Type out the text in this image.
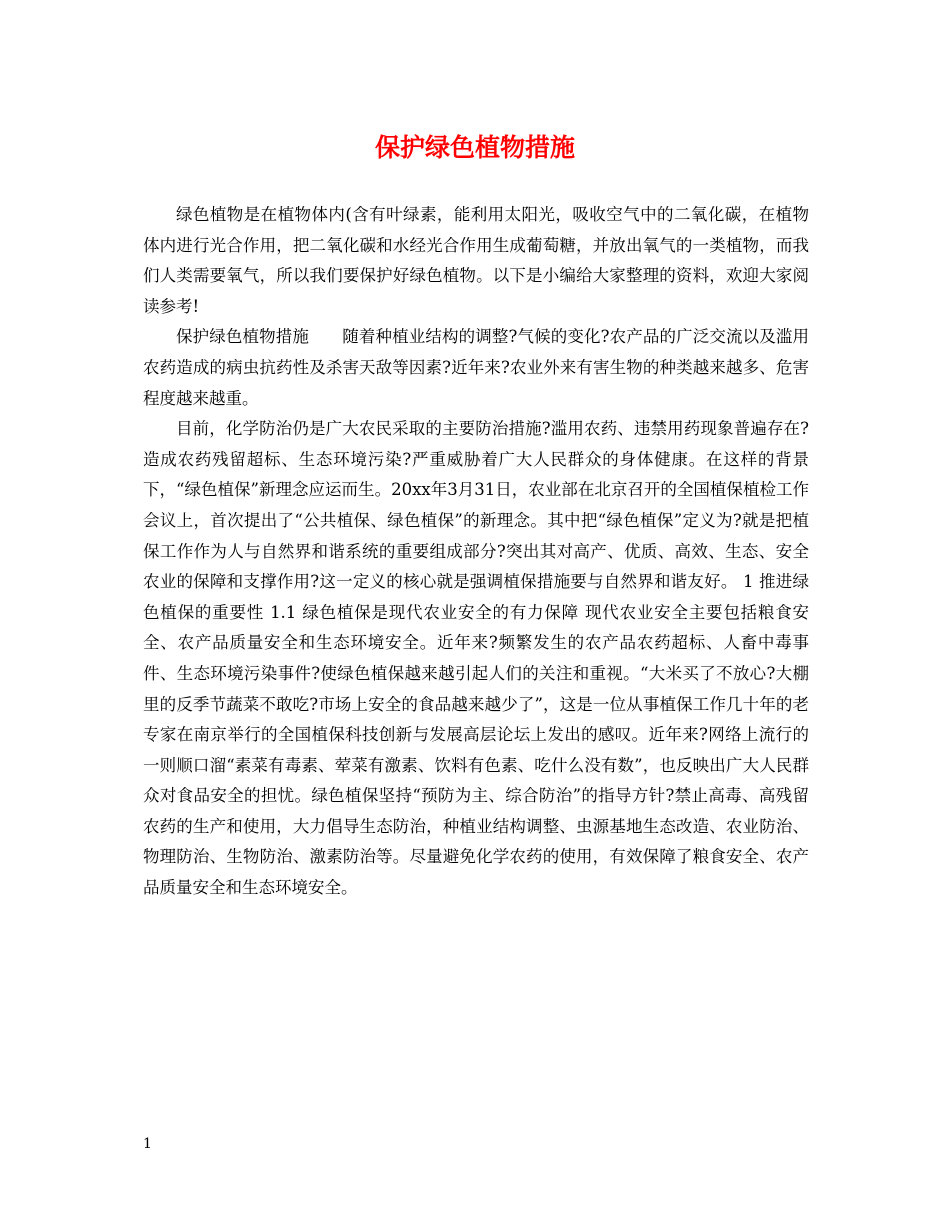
保护绿色植物措施

绿色植物是在植物体内(含有叶绿素，能利用太阳光，吸收空气中的二氧化碳，在植物体内进行光合作用，把二氧化碳和水经光合作用生成葡萄糖，并放出氧气的一类植物，而我们人类需要氧气，所以我们要保护好绿色植物。以下是小编给大家整理的资料，欢迎大家阅读参考!

保护绿色植物措施　　随着种植业结构的调整?气候的变化?农产品的广泛交流以及滥用农药造成的病虫抗药性及杀害天敌等因素?近年来?农业外来有害生物的种类越来越多、危害程度越来越重。

目前，化学防治仍是广大农民采取的主要防治措施?滥用农药、违禁用药现象普遍存在?造成农药残留超标、生态环境污染?严重威胁着广大人民群众的身体健康。在这样的背景下，“绿色植保”新理念应运而生。20xx年3月31日，农业部在北京召开的全国植保植检工作会议上，首次提出了“公共植保、绿色植保”的新理念。其中把“绿色植保”定义为?就是把植保工作作为人与自然界和谐系统的重要组成部分?突出其对高产、优质、高效、生态、安全农业的保障和支撑作用?这一定义的核心就是强调植保措施要与自然界和谐友好。 1 推进绿色植保的重要性 1.1 绿色植保是现代农业安全的有力保障 现代农业安全主要包括粮食安全、农产品质量安全和生态环境安全。近年来?频繁发生的农产品农药超标、人畜中毒事件、生态环境污染事件?使绿色植保越来越引起人们的关注和重视。“大米买了不放心?大棚里的反季节蔬菜不敢吃?市场上安全的食品越来越少了”，这是一位从事植保工作几十年的老专家在南京举行的全国植保科技创新与发展高层论坛上发出的感叹。近年来?网络上流行的一则顺口溜“素菜有毒素、荤菜有激素、饮料有色素、吃什么没有数”，也反映出广大人民群众对食品安全的担忧。绿色植保坚持“预防为主、综合防治”的指导方针?禁止高毒、高残留农药的生产和使用，大力倡导生态防治，种植业结构调整、虫源基地生态改造、农业防治、物理防治、生物防治、激素防治等。尽量避免化学农药的使用，有效保障了粮食安全、农产品质量安全和生态环境安全。

1
